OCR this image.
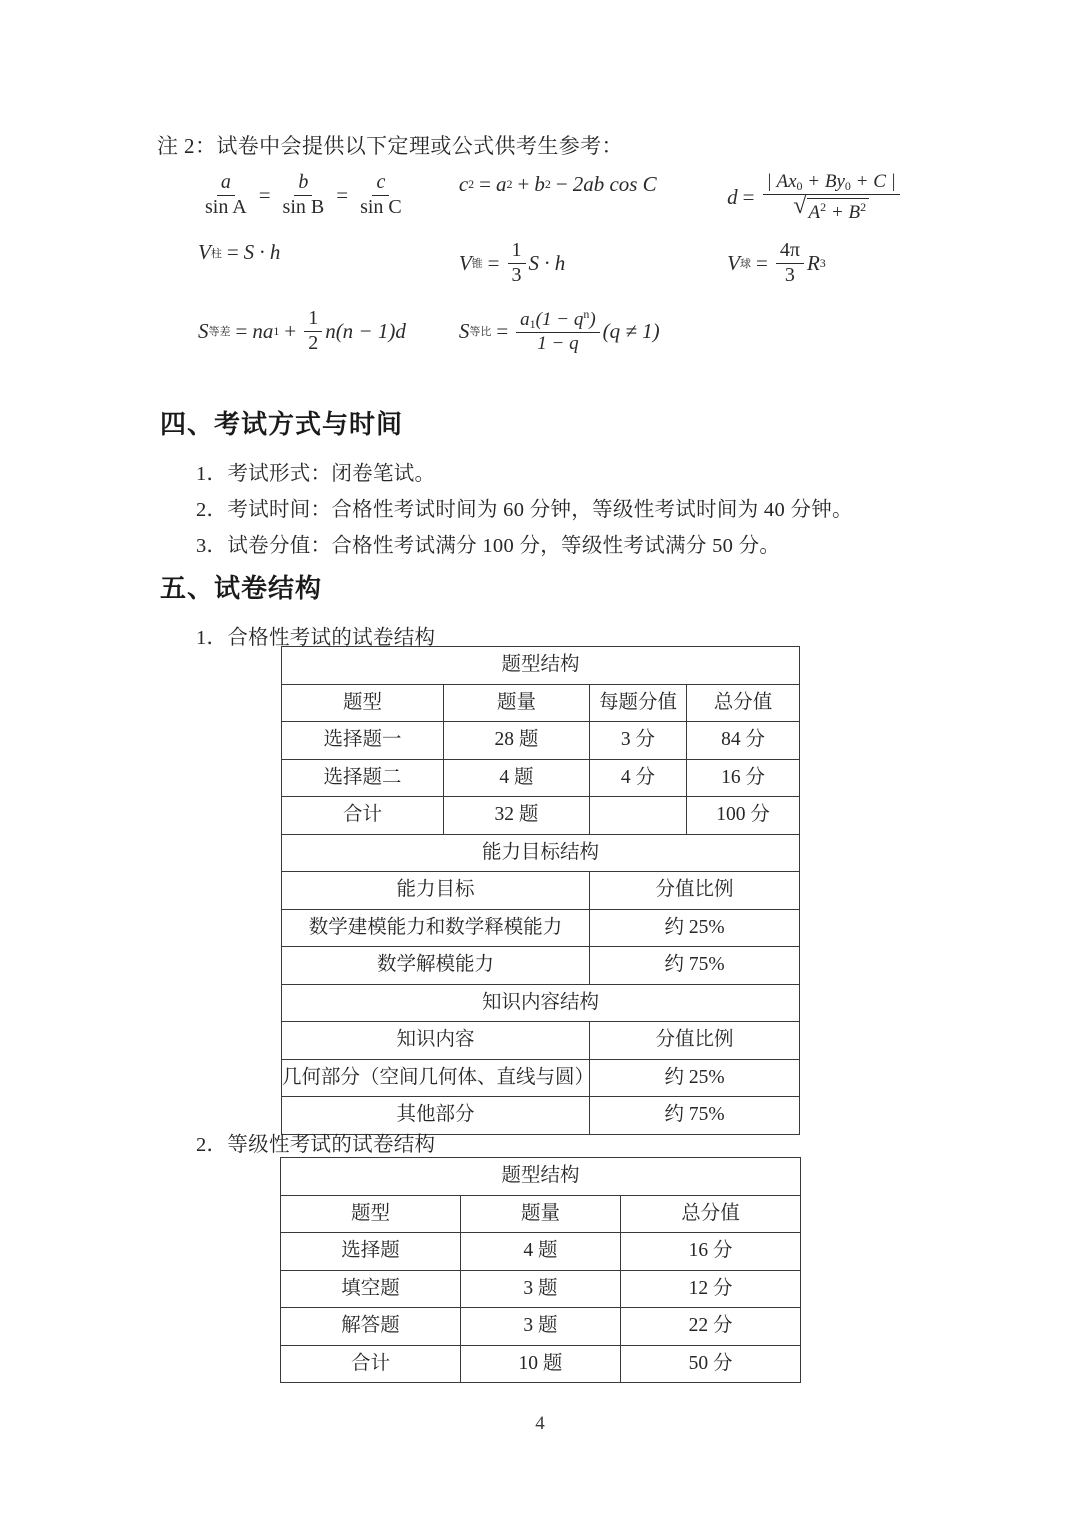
注 2：试卷中会提供以下定理或公式供考生参考：
$\frac{a}{\text{sin A}} = \frac{b}{\text{sin B}} = \frac{c}{\text{sin C}}$	c 2 = a 2 + b 2 − 2ab cos C
$d = \frac{| Ax_0 + By_0 + C |}{√ A^2 + B^2}$
V 柱 = S · h	V 锥 = $\frac{1}{3}$ S · h	V 球 = $\frac{4\pi}{3}$ R 3
S 等差 = na $1 + \frac{1}{2} n(n - 1)d$	S 等比 = $\frac{a_1(1 - q^n)}{1 - q} (q \ne 1)$
四、考试方式与时间
1．考试形式：闭卷笔试。
2．考试时间：合格性考试时间为 60 分钟，等级性考试时间为 40 分钟。
3．试卷分值：合格性考试满分 100 分，等级性考试满分 50 分。
五、试卷结构
1．合格性考试的试卷结构
题型结构			
题型	题量	每题分值	总分值
选择题一	28 题	3 分	84 分
选择题二	4 题	4 分	16 分
合计	32 题		100 分
能力目标结构			
能力目标		分值比例	
数学建模能力和数学释模能力		约 25%	
数学解模能力		约 75%	
知识内容结构			
知识内容		分值比例	
几何部分（空间几何体、直线与圆）		约 25%	
其他部分		约 75%	
2．等级性考试的试卷结构
题型结构		
题型	题量	总分值
选择题	4 题	16 分
填空题	3 题	12 分
解答题	3 题	22 分
合计	10 题	50 分
4
